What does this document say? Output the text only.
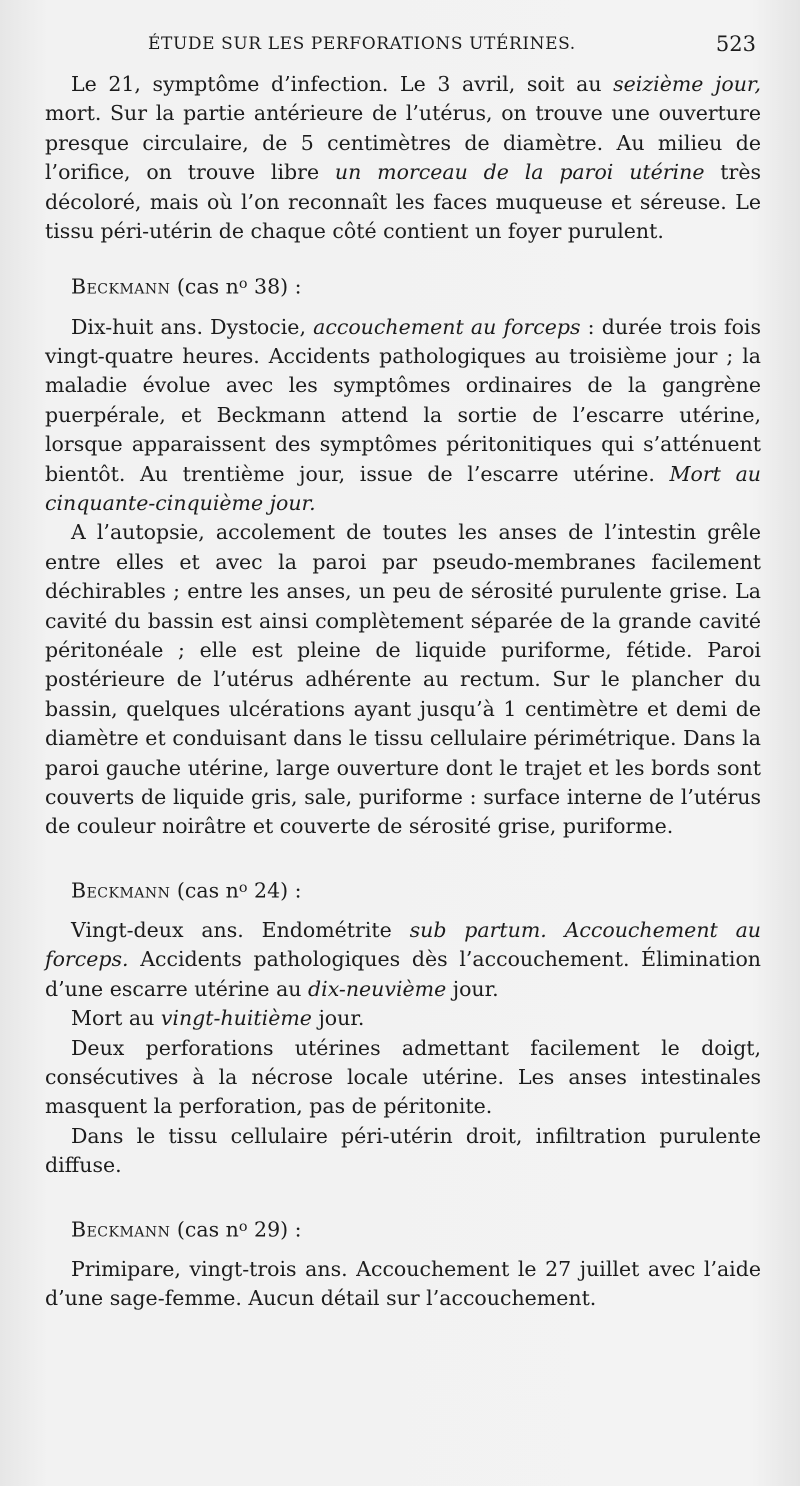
ÉTUDE SUR LES PERFORATIONS UTÉRINES.	523

Le 21, symptôme d’infection. Le 3 avril, soit au seizième jour, mort. Sur la partie antérieure de l’utérus, on trouve une ouverture presque circulaire, de 5 centimètres de diamètre. Au milieu de l’orifice, on trouve libre un morceau de la paroi utérine très décoloré, mais où l’on reconnaît les faces muqueuse et séreuse. Le tissu péri-utérin de chaque côté contient un foyer purulent.

Beckmann (cas $n^o$ 38) :

Dix-huit ans. Dystocie, accouchement au forceps : durée trois fois vingt-quatre heures. Accidents pathologiques au troisième jour ; la maladie évolue avec les symptômes ordinaires de la gangrène puerpérale, et Beckmann attend la sortie de l’escarre utérine, lorsque apparaissent des symptômes péritonitiques qui s’atténuent bientôt. Au trentième jour, issue de l’escarre utérine. Mort au cinquante-cinquième jour.

A l’autopsie, accolement de toutes les anses de l’intestin grêle entre elles et avec la paroi par pseudo-membranes facilement déchirables ; entre les anses, un peu de sérosité purulente grise. La cavité du bassin est ainsi complètement séparée de la grande cavité péritonéale ; elle est pleine de liquide puriforme, fétide. Paroi postérieure de l’utérus adhérente au rectum. Sur le plancher du bassin, quelques ulcérations ayant jusqu’à 1 centimètre et demi de diamètre et conduisant dans le tissu cellulaire périmétrique. Dans la paroi gauche utérine, large ouverture dont le trajet et les bords sont couverts de liquide gris, sale, puriforme : surface interne de l’utérus de couleur noirâtre et couverte de sérosité grise, puriforme.

Beckmann (cas $n^o$ 24) :

Vingt-deux ans. Endométrite sub partum. Accouchement au forceps. Accidents pathologiques dès l’accouchement. Élimination d’une escarre utérine au dix-neuvième jour.

Mort au vingt-huitième jour.

Deux perforations utérines admettant facilement le doigt, consécutives à la nécrose locale utérine. Les anses intestinales masquent la perforation, pas de péritonite.

Dans le tissu cellulaire péri-utérin droit, infiltration purulente diffuse.

Beckmann (cas $n^o$ 29) :

Primipare, vingt-trois ans. Accouchement le 27 juillet avec l’aide d’une sage-femme. Aucun détail sur l’accouchement.
